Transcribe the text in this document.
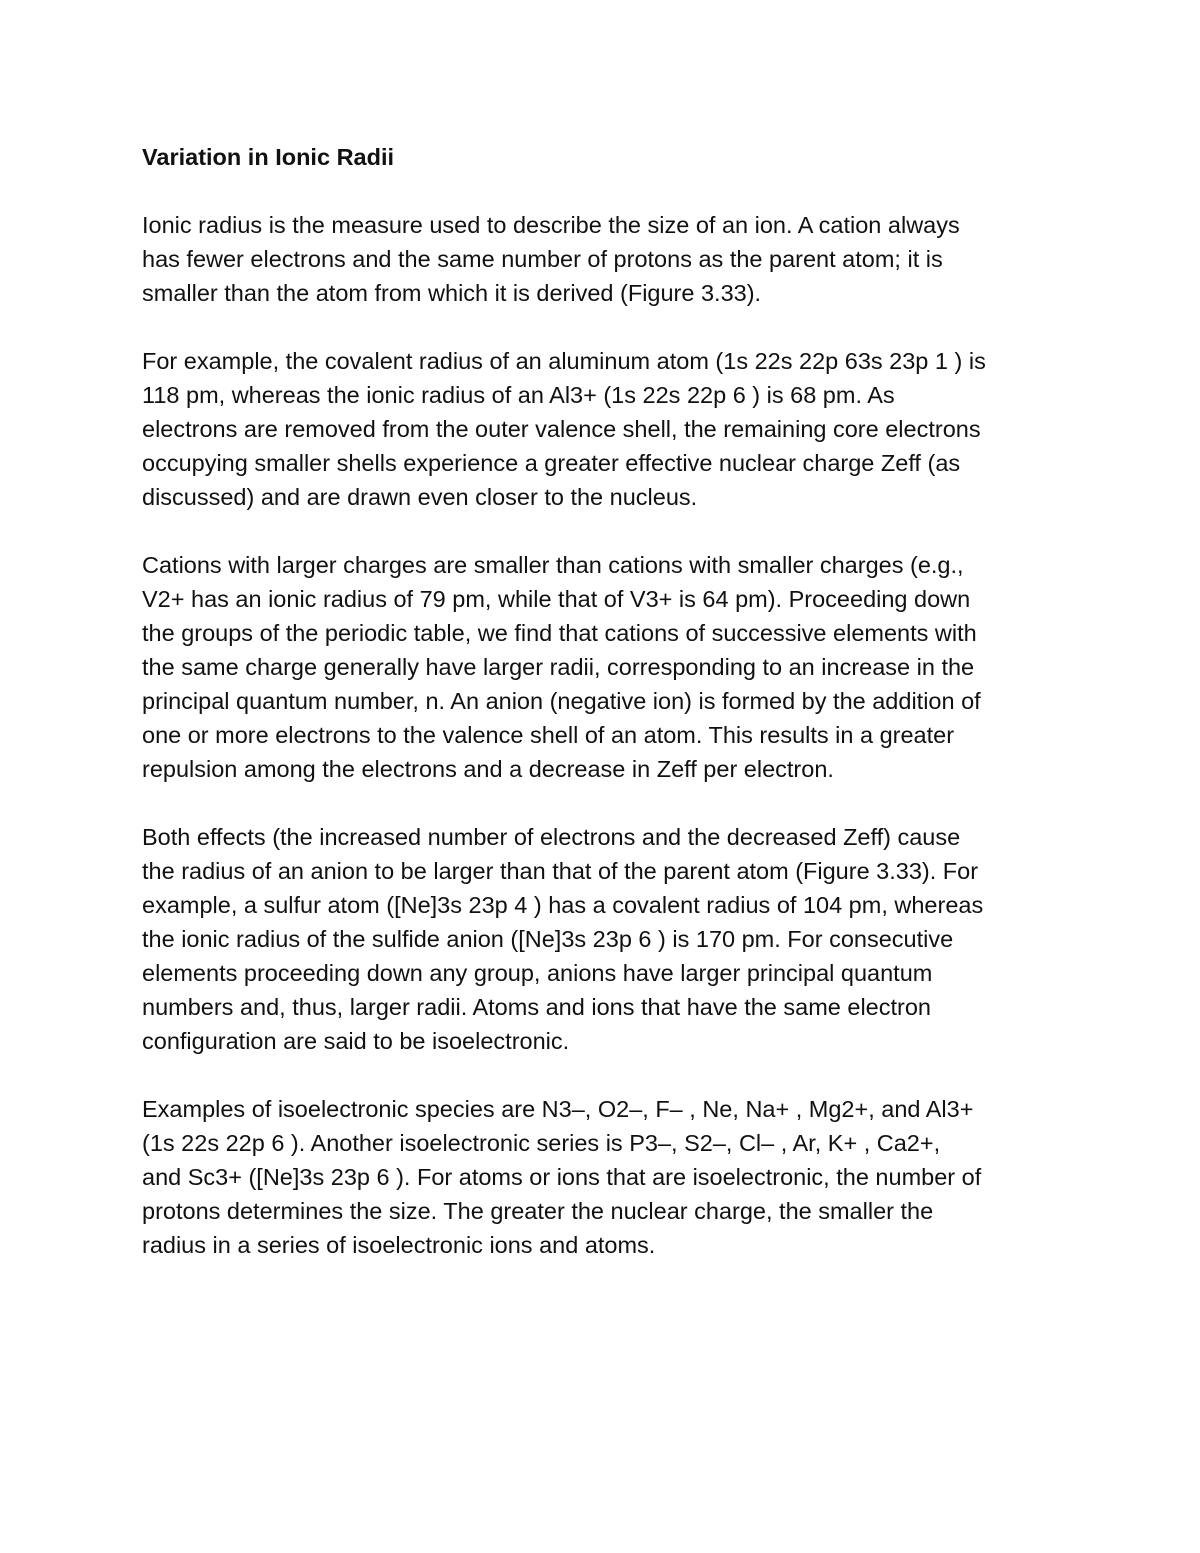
Variation in Ionic Radii
Ionic radius is the measure used to describe the size of an ion. A cation always
has fewer electrons and the same number of protons as the parent atom; it is
smaller than the atom from which it is derived (Figure 3.33).
For example, the covalent radius of an aluminum atom (1s 22s 22p 63s 23p 1 ) is
118 pm, whereas the ionic radius of an Al3+ (1s 22s 22p 6 ) is 68 pm. As
electrons are removed from the outer valence shell, the remaining core electrons
occupying smaller shells experience a greater effective nuclear charge Zeff (as
discussed) and are drawn even closer to the nucleus.
Cations with larger charges are smaller than cations with smaller charges (e.g.,
V2+ has an ionic radius of 79 pm, while that of V3+ is 64 pm). Proceeding down
the groups of the periodic table, we find that cations of successive elements with
the same charge generally have larger radii, corresponding to an increase in the
principal quantum number, n. An anion (negative ion) is formed by the addition of
one or more electrons to the valence shell of an atom. This results in a greater
repulsion among the electrons and a decrease in Zeff per electron.
Both effects (the increased number of electrons and the decreased Zeff) cause
the radius of an anion to be larger than that of the parent atom (Figure 3.33). For
example, a sulfur atom ([Ne]3s 23p 4 ) has a covalent radius of 104 pm, whereas
the ionic radius of the sulfide anion ([Ne]3s 23p 6 ) is 170 pm. For consecutive
elements proceeding down any group, anions have larger principal quantum
numbers and, thus, larger radii. Atoms and ions that have the same electron
configuration are said to be isoelectronic.
Examples of isoelectronic species are N3–, O2–, F– , Ne, Na+ , Mg2+, and Al3+
(1s 22s 22p 6 ). Another isoelectronic series is P3–, S2–, Cl– , Ar, K+ , Ca2+,
and Sc3+ ([Ne]3s 23p 6 ). For atoms or ions that are isoelectronic, the number of
protons determines the size. The greater the nuclear charge, the smaller the
radius in a series of isoelectronic ions and atoms.
